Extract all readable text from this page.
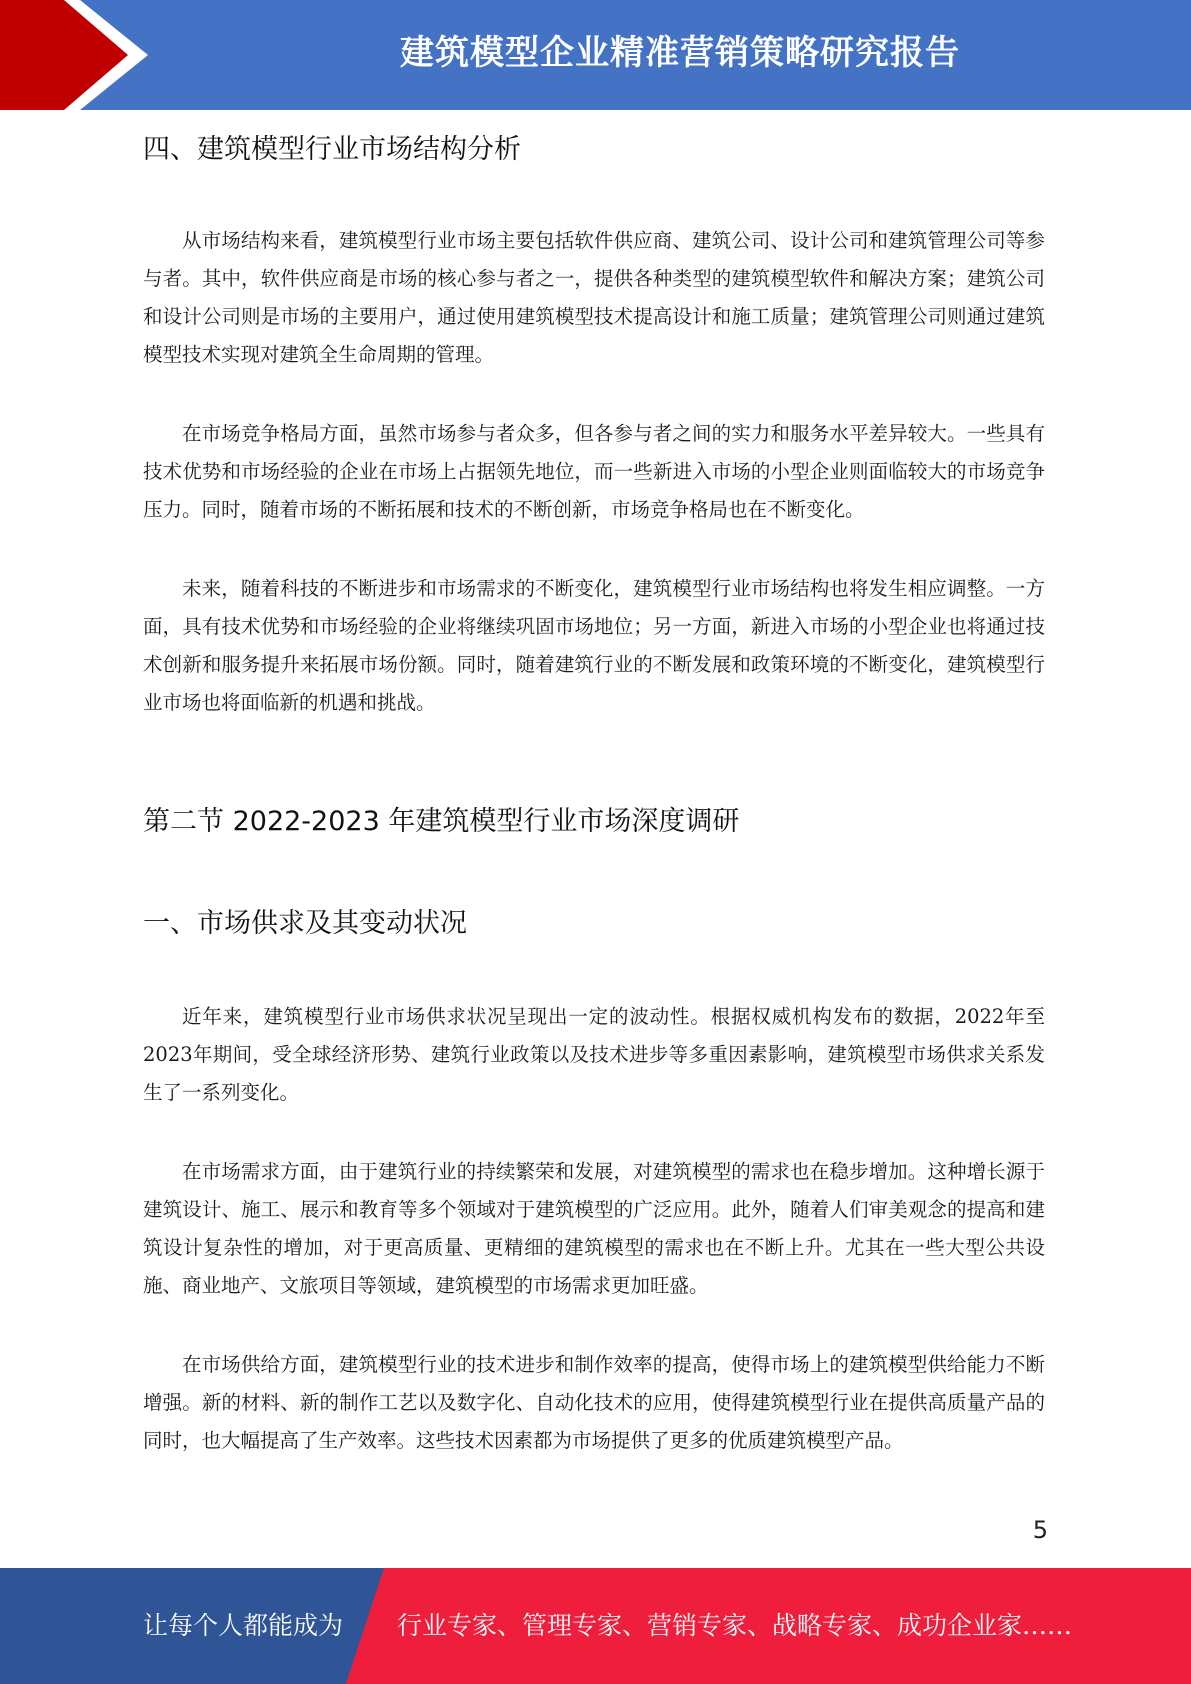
建筑模型企业精准营销策略研究报告
四、建筑模型行业市场结构分析

从市场结构来看，建筑模型行业市场主要包括软件供应商、建筑公司、设计公司和建筑管理公司等参与者。其中，软件供应商是市场的核心参与者之一，提供各种类型的建筑模型软件和解决方案；建筑公司和设计公司则是市场的主要用户，通过使用建筑模型技术提高设计和施工质量；建筑管理公司则通过建筑模型技术实现对建筑全生命周期的管理。

在市场竞争格局方面，虽然市场参与者众多，但各参与者之间的实力和服务水平差异较大。一些具有技术优势和市场经验的企业在市场上占据领先地位，而一些新进入市场的小型企业则面临较大的市场竞争压力。同时，随着市场的不断拓展和技术的不断创新，市场竞争格局也在不断变化。

未来，随着科技的不断进步和市场需求的不断变化，建筑模型行业市场结构也将发生相应调整。一方面，具有技术优势和市场经验的企业将继续巩固市场地位；另一方面，新进入市场的小型企业也将通过技术创新和服务提升来拓展市场份额。同时，随着建筑行业的不断发展和政策环境的不断变化，建筑模型行业市场也将面临新的机遇和挑战。

第二节 2022-2023 年建筑模型行业市场深度调研
一、市场供求及其变动状况

近年来，建筑模型行业市场供求状况呈现出一定的波动性。根据权威机构发布的数据，2022年至2023年期间，受全球经济形势、建筑行业政策以及技术进步等多重因素影响，建筑模型市场供求关系发生了一系列变化。

在市场需求方面，由于建筑行业的持续繁荣和发展，对建筑模型的需求也在稳步增加。这种增长源于建筑设计、施工、展示和教育等多个领域对于建筑模型的广泛应用。此外，随着人们审美观念的提高和建筑设计复杂性的增加，对于更高质量、更精细的建筑模型的需求也在不断上升。尤其在一些大型公共设施、商业地产、文旅项目等领域，建筑模型的市场需求更加旺盛。

在市场供给方面，建筑模型行业的技术进步和制作效率的提高，使得市场上的建筑模型供给能力不断增强。新的材料、新的制作工艺以及数字化、自动化技术的应用，使得建筑模型行业在提供高质量产品的同时，也大幅提高了生产效率。这些技术因素都为市场提供了更多的优质建筑模型产品。

5
让每个人都能成为 行业专家、管理专家、营销专家、战略专家、成功企业家……
